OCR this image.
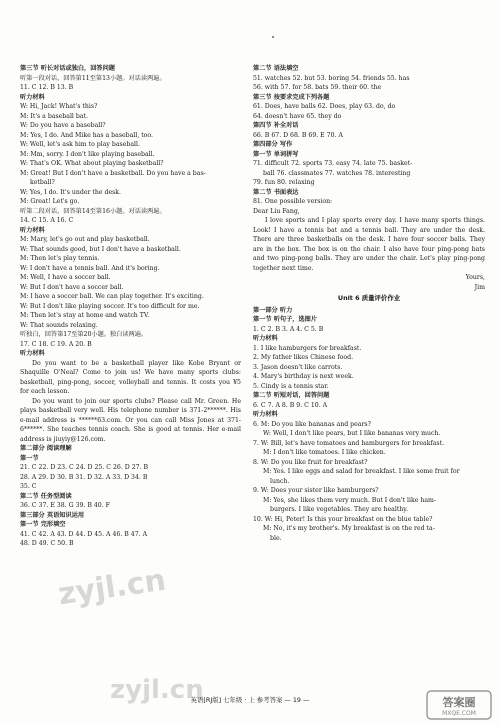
第三节 听长对话或独白，回答问题
听第一段对话，回答第11至第13小题。对话读两遍。
11. C 12. B 13. B
听力材料
W: Hi, Jack! What's this?
M: It's a baseball bat.
W: Do you have a baseball?
M: Yes, I do. And Mike has a baseball, too.
W: Well, let's ask him to play baseball.
M: Mm, sorry. I don't like playing baseball.
W: That's OK. What about playing basketball?
M: Great! But I don't have a basketball. Do you have a bas-
ketball?
W: Yes, I do. It's under the desk.
M: Great! Let's go.
听第二段对话，回答第14至第16小题。对话读两遍。
14. C 15. A 16. C
听力材料
M: Mary, let's go out and play basketball.
W: That sounds good, but I don't have a basketball.
M: Then let's play tennis.
W: I don't have a tennis ball. And it's boring.
M: Well, I have a soccer ball.
W: But I don't have a soccer ball.
M: I have a soccer ball. We can play together. It's exciting.
W: But I don't like playing soccer. It's too difficult for me.
M: Then let's stay at home and watch TV.
W: That sounds relaxing.
听独白，回答第17至第20小题。独白读两遍。
17. C 18. C 19. A 20. B
听力材料
Do you want to be a basketball player like Kobe Bryant or Shaquille O'Neal? Come to join us! We have many sports clubs: basketball, ping-pong, soccer, volleyball and tennis. It costs you ¥5 for each lesson.
Do you want to join our sports clubs? Please call Mr. Green. He plays basketball very well. His telephone number is 371-2******. His e-mail address is ******63.com. Or you can call Miss Jones at 371-6******. She teaches tennis coach. She is good at tennis. Her e-mail address is jiuyiy@126.com.
第二部分 阅读理解
第一节
21. C 22. D 23. C 24. D 25. C 26. D 27. B
28. A 29. D 30. B 31. D 32. A 33. D 34. B
35. C
第二节 任务型阅读
36. C 37. E 38. G 39. B 40. F
第三部分 英语知识运用
第一节 完形填空
41. C 42. A 43. D 44. D 45. A 46. B 47. A
48. D 49. C 50. B
第二节 语法填空
51. watches 52. but 53. boring 54. friends 55. has
56. with 57. for 58. bats 59. their 60. the
第三节 按要求完成下列各题
61. Does, have balls 62. Does, play 63. do, do
64. doesn't have 65. they do
第四节 补全对话
66. B 67. D 68. B 69. E 70. A
第四部分 写作
第一节 单词拼写
71. difficult 72. sports 73. easy 74. late 75. basket-
ball 76. classmates 77. watches 78. interesting
79. fun 80. relaxing
第二节 书面表达
81. One possible version:
Dear Liu Fang,
I love sports and I play sports every day. I have many sports things. Look! I have a tennis bat and a tennis ball. They are under the desk. There are three basketballs on the desk. I have four soccer balls. They are in the box. The box is on the chair. I also have four ping-pong bats and two ping-pong balls. They are under the chair. Let's play ping-pong together next time.
Yours,
Jim
Unit 6 质量评价作业
第一部分 听力
第一节 听句子，选图片
1. C 2. B 3. A 4. C 5. B
听力材料
1. I like hamburgers for breakfast.
2. My father likes Chinese food.
3. Jason doesn't like carrots.
4. Mary's birthday is next week.
5. Cindy is a tennis star.
第二节 听短对话，回答问题
6. C 7. A 8. B 9. C 10. A
听力材料
6. M: Do you like bananas and pears?
W: Well, I don't like pears, but I like bananas very much.
7. W: Bill, let's have tomatoes and hamburgers for breakfast.
M: I don't like tomatoes. I like chicken.
8. W: Do you like fruit for breakfast?
M: Yes. I like eggs and salad for breakfast. I like some fruit for
lunch.
9. W: Does your sister like hamburgers?
M: Yes, she likes them very much. But I don't like ham-
burgers. I like vegetables. They are healthy.
10. W: Hi, Peter! Is this your breakfast on the blue table?
M: No, it's my brother's. My breakfast is on the red ta-
ble.
zyjl.cn
zyjl.cn	答案圈
MXQE.COM
英语[RJ版] 七年级 · 上 参考答案 — 19 —
